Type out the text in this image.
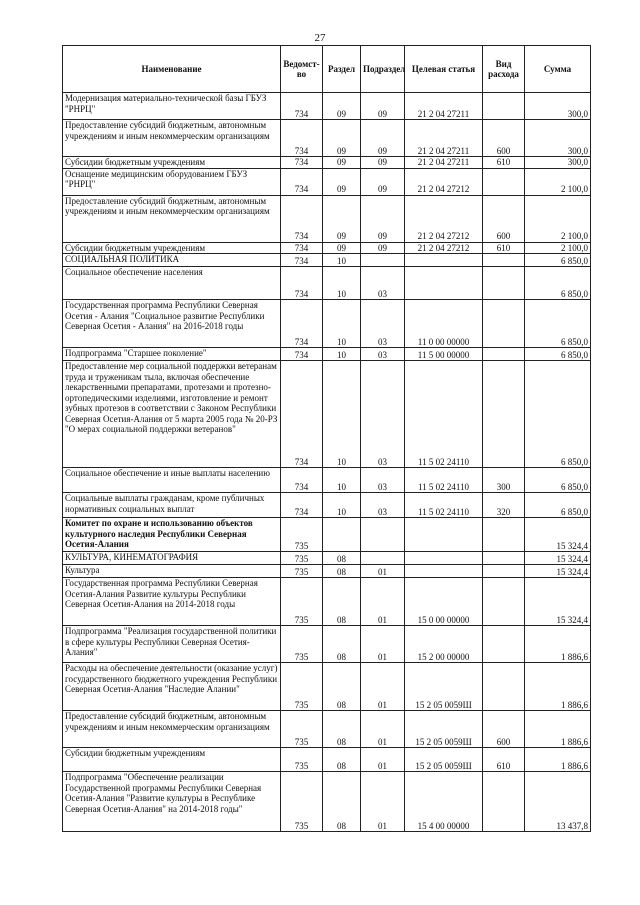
27
Наименование	Ведомст-во	Раздел	Подраздел	Целевая статья	Вид расхода	Сумма
Модернизация материально-технической базы ГБУЗ "РНРЦ"	734	09	09	21 2 04 27211		300,0
Предоставление субсидий бюджетным, автономным учреждениям и иным некоммерческим организациям	734	09	09	21 2 04 27211	600	300,0
Субсидии бюджетным учреждениям	734	09	09	21 2 04 27211	610	300,0
Оснащение медицинским оборудованием ГБУЗ "РНРЦ"	734	09	09	21 2 04 27212		2 100,0
Предоставление субсидий бюджетным, автономным учреждениям и иным некоммерческим организациям	734	09	09	21 2 04 27212	600	2 100,0
Субсидии бюджетным учреждениям	734	09	09	21 2 04 27212	610	2 100,0
СОЦИАЛЬНАЯ ПОЛИТИКА	734	10				6 850,0
Социальное обеспечение населения	734	10	03			6 850,0
Государственная программа Республики Северная Осетия - Алания "Социальное развитие Республики Северная Осетия - Алания" на 2016-2018 годы	734	10	03	11 0 00 00000		6 850,0
Подпрограмма "Старшее поколение"	734	10	03	11 5 00 00000		6 850,0
Предоставление мер социальной поддержки ветеранам труда и труженикам тыла, включая обеспечение лекарственными препаратами, протезами и протезно-ортопедическими изделиями, изготовление и ремонт зубных протезов в соответствии с Законом Республики Северная Осетия-Алания от 5 марта 2005 года № 20-РЗ "О мерах социальной поддержки ветеранов"	734	10	03	11 5 02 24110		6 850,0
Социальное обеспечение и иные выплаты населению	734	10	03	11 5 02 24110	300	6 850,0
Социальные выплаты гражданам, кроме публичных нормативных социальных выплат	734	10	03	11 5 02 24110	320	6 850,0
Комитет по охране и использованию объектов культурного наследия Республики Северная Осетия-Алания	735					15 324,4
КУЛЬТУРА, КИНЕМАТОГРАФИЯ	735	08				15 324,4
Культура	735	08	01			15 324,4
Государственная программа Республики Северная Осетия-Алания Развитие культуры Республики Северная Осетия-Алания на 2014-2018 годы	735	08	01	15 0 00 00000		15 324,4
Подпрограмма "Реализация государственной политики в сфере культуры Республики Северная Осетия-Алания"	735	08	01	15 2 00 00000		1 886,6
Расходы на обеспечение деятельности (оказание услуг) государственного бюджетного учреждения Республики Северная Осетия-Алания "Наследие Алании"	735	08	01	15 2 05 0059Ш		1 886,6
Предоставление субсидий бюджетным, автономным учреждениям и иным некоммерческим организациям	735	08	01	15 2 05 0059Ш	600	1 886,6
Субсидии бюджетным учреждениям	735	08	01	15 2 05 0059Ш	610	1 886,6
Подпрограмма "Обеспечение реализации Государственной программы Республики Северная Осетия-Алания "Развитие культуры в Республике Северная Осетия-Алания" на 2014-2018 годы"	735	08	01	15 4 00 00000		13 437,8
